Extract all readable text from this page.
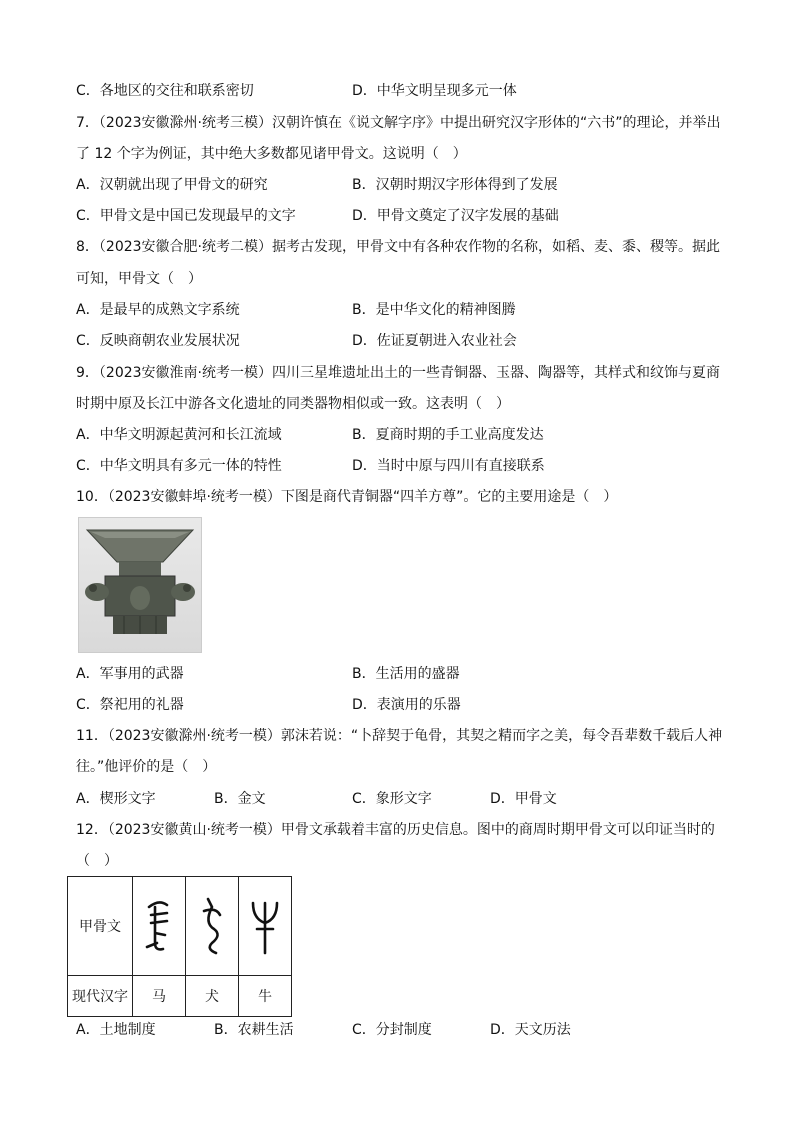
C．各地区的交往和联系密切	D．中华文明呈现多元一体
7．（2023安徽滁州·统考三模）汉朝许慎在《说文解字序》中提出研究汉字形体的“六书”的理论，并举出
了 12 个字为例证，其中绝大多数都见诸甲骨文。这说明（　）
A．汉朝就出现了甲骨文的研究	B．汉朝时期汉字形体得到了发展
C．甲骨文是中国已发现最早的文字	D．甲骨文奠定了汉字发展的基础
8．（2023安徽合肥·统考二模）据考古发现，甲骨文中有各种农作物的名称，如稻、麦、黍、稷等。据此
可知，甲骨文（　）
A．是最早的成熟文字系统	B．是中华文化的精神图腾
C．反映商朝农业发展状况	D．佐证夏朝进入农业社会
9．（2023安徽淮南·统考一模）四川三星堆遗址出土的一些青铜器、玉器、陶器等，其样式和纹饰与夏商
时期中原及长江中游各文化遗址的同类器物相似或一致。这表明（　）
A．中华文明源起黄河和长江流域	B．夏商时期的手工业高度发达
C．中华文明具有多元一体的特性	D．当时中原与四川有直接联系
10．（2023安徽蚌埠·统考一模）下图是商代青铜器“四羊方尊”。它的主要用途是（　）
A．军事用的武器	B．生活用的盛器
C．祭祀用的礼器	D．表演用的乐器
11．（2023安徽滁州·统考一模）郭沫若说：“卜辞契于龟骨，其契之精而字之美，每令吾辈数千载后人神
往。”他评价的是（　）
A．楔形文字	B．金文	C．象形文字	D．甲骨文
12．（2023安徽黄山·统考一模）甲骨文承载着丰富的历史信息。图中的商周时期甲骨文可以印证当时的
（　）
甲骨文			
现代汉字	马	犬	牛
A．土地制度	B．农耕生活	C．分封制度	D．天文历法
